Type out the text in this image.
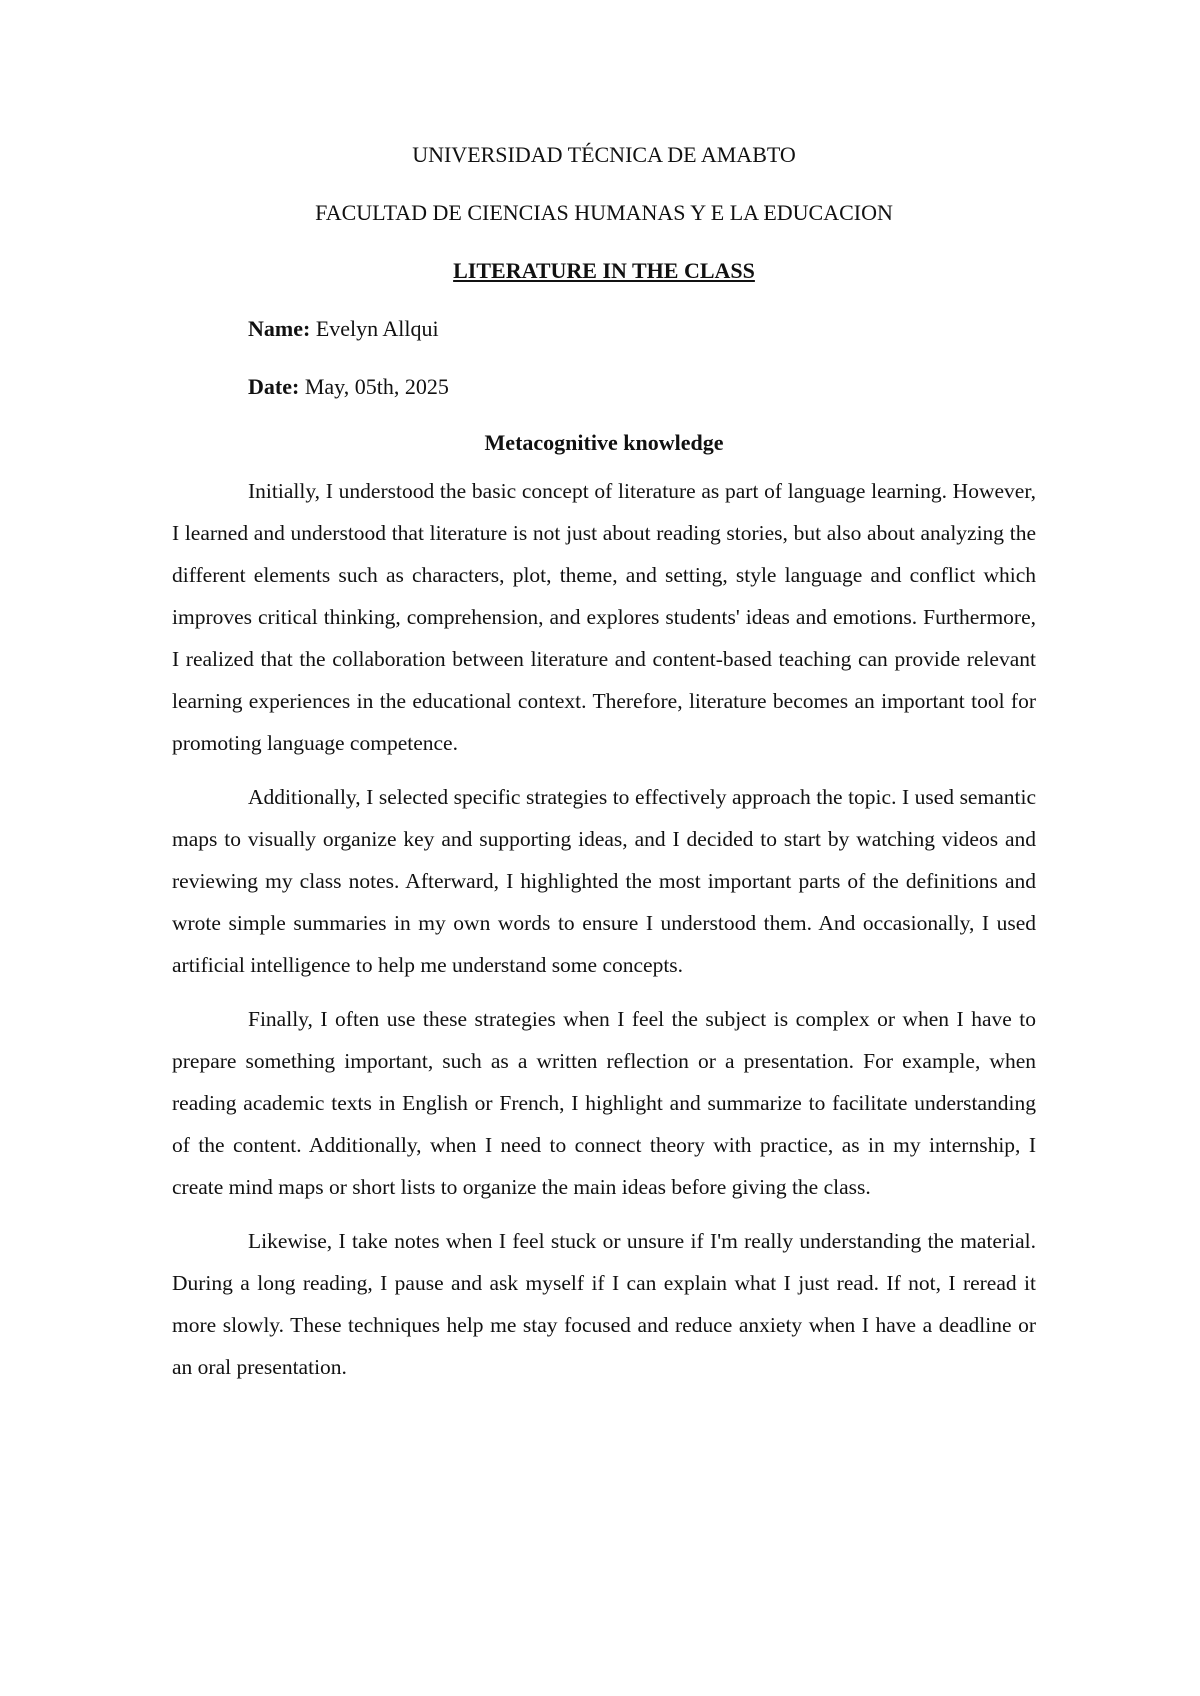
UNIVERSIDAD TÉCNICA DE AMABTO

FACULTAD DE CIENCIAS HUMANAS Y E LA EDUCACION

LITERATURE IN THE CLASS

Name: Evelyn Allqui

Date: May, 05th, 2025

Metacognitive knowledge

Initially, I understood the basic concept of literature as part of language learning. However, I learned and understood that literature is not just about reading stories, but also about analyzing the different elements such as characters, plot, theme, and setting, style language and conflict which improves critical thinking, comprehension, and explores students' ideas and emotions. Furthermore, I realized that the collaboration between literature and content-based teaching can provide relevant learning experiences in the educational context. Therefore, literature becomes an important tool for promoting language competence.

Additionally, I selected specific strategies to effectively approach the topic. I used semantic maps to visually organize key and supporting ideas, and I decided to start by watching videos and reviewing my class notes. Afterward, I highlighted the most important parts of the definitions and wrote simple summaries in my own words to ensure I understood them. And occasionally, I used artificial intelligence to help me understand some concepts.

Finally, I often use these strategies when I feel the subject is complex or when I have to prepare something important, such as a written reflection or a presentation. For example, when reading academic texts in English or French, I highlight and summarize to facilitate understanding of the content. Additionally, when I need to connect theory with practice, as in my internship, I create mind maps or short lists to organize the main ideas before giving the class.

Likewise, I take notes when I feel stuck or unsure if I'm really understanding the material. During a long reading, I pause and ask myself if I can explain what I just read. If not, I reread it more slowly. These techniques help me stay focused and reduce anxiety when I have a deadline or an oral presentation.
